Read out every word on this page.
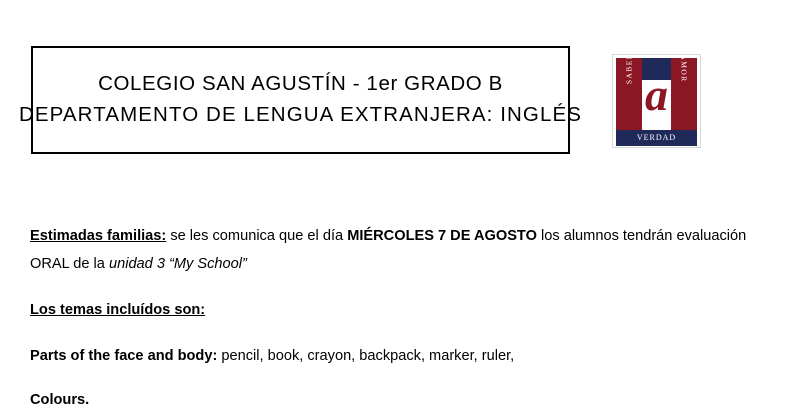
COLEGIO SAN AGUSTÍN - 1er GRADO B
DEPARTAMENTO DE LENGUA EXTRANJERA: INGLÉS
SABER	AMOR
a
VERDAD

Estimadas familias: se les comunica que el día MIÉRCOLES 7 DE AGOSTO los alumnos tendrán evaluación ORAL de la unidad 3 “My School”

Los temas incluídos son:

Parts of the face and body: pencil, book, crayon, backpack, marker, ruler,

Colours.
